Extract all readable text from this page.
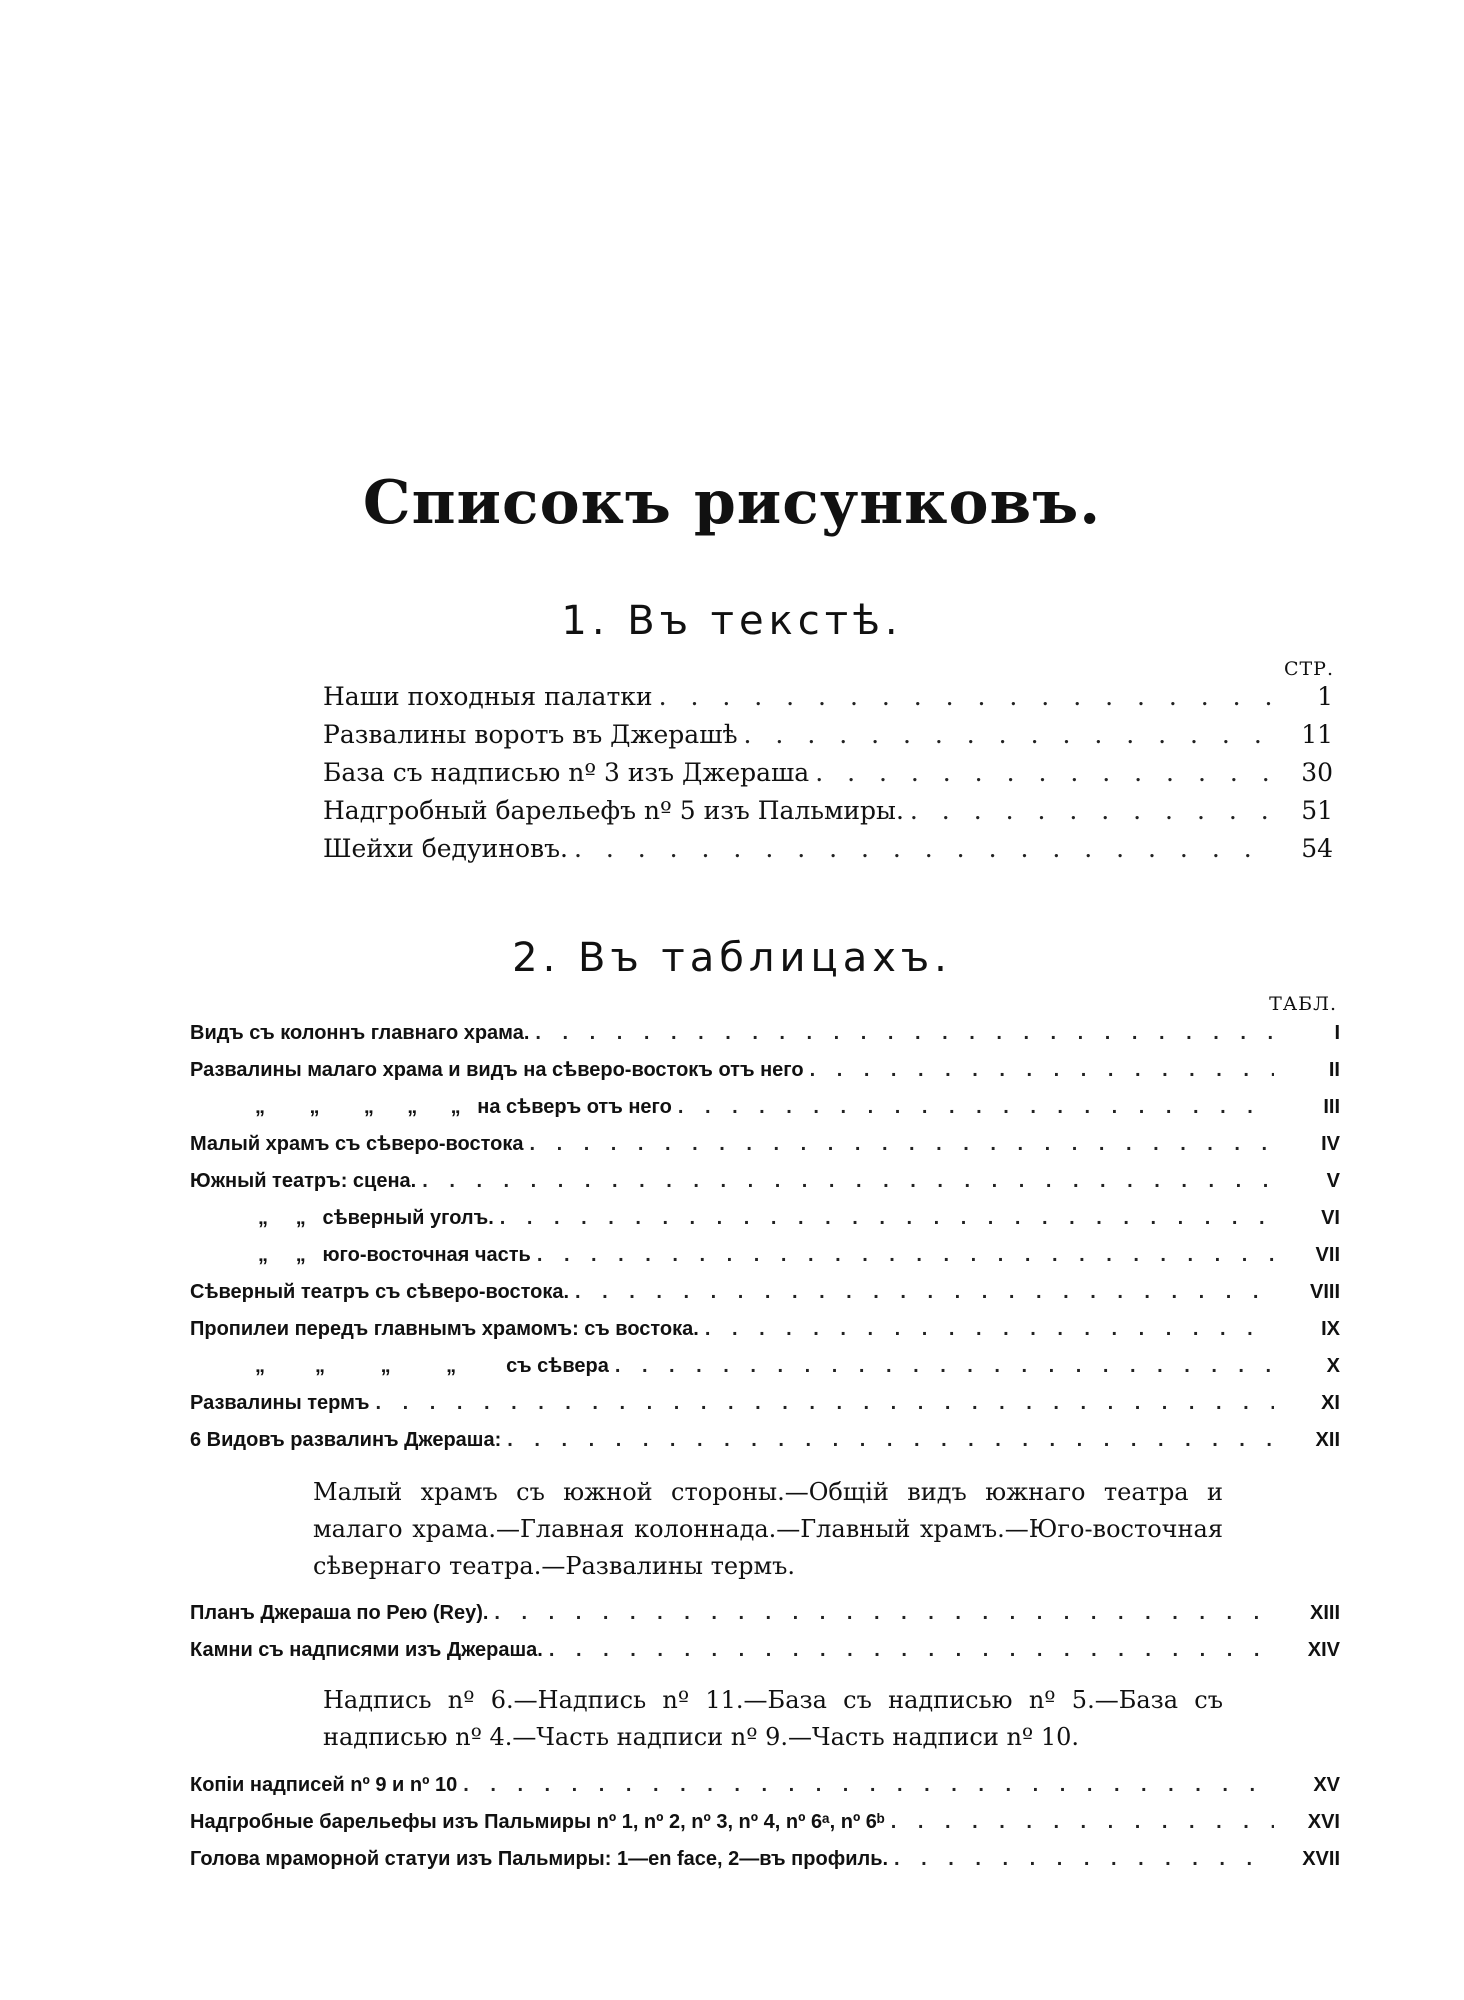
Списокъ рисунковъ.
1. Въ текстѣ.
СТР.
Наши походныя палатки . . .	1
Развалины воротъ въ Джерашѣ . . .	11
База съ надписью nº 3 изъ Джераша . . .	30
Надгробный барельефъ nº 5 изъ Пальмиры. . . .	51
Шейхи бедуиновъ. . . .	54
2. Въ таблицахъ.
ТАБЛ.
Видъ съ колоннъ главнаго храма. . . .	I
Развалины малаго храма и видъ на сѣверо-востокъ отъ него . . .	II
„        „        „      „      „   на сѣверъ отъ него . . .	III
Малый храмъ съ сѣверо-востока . . .	IV
Южный театръ: сцена. . . .	V
„     „   сѣверный уголъ. . . .	VI
„     „   юго-восточная часть . . .	VII
Сѣверный театръ съ сѣверо-востока. . . .	VIII
Пропилеи передъ главнымъ храмомъ: съ востока. . . .	IX
„         „          „          „         съ сѣвера . . .	X
Развалины термъ . . .	XI
6 Видовъ развалинъ Джераша: . . .	XII
Малый храмъ съ южной стороны.—Общій видъ южнаго театра и малаго храма.—Главная колоннада.—Главный храмъ.—Юго-восточная сѣвернаго театра.—Развалины термъ.
Планъ Джераша по Рею (Rey). . . .	XIII
Камни съ надписями изъ Джераша. . . .	XIV
Надпись nº 6.—Надпись nº 11.—База съ надписью nº 5.—База съ надписью nº 4.—Часть надписи nº 9.—Часть надписи nº 10.
Копіи надписей nº 9 и nº 10 . . .	XV
Надгробные барельефы изъ Пальмиры nº 1, nº 2, nº 3, nº 4, nº 6ᵃ, nº 6ᵇ . . .	XVI
Голова мраморной статуи изъ Пальмиры: 1—en face, 2—въ профиль. . . .	XVII
